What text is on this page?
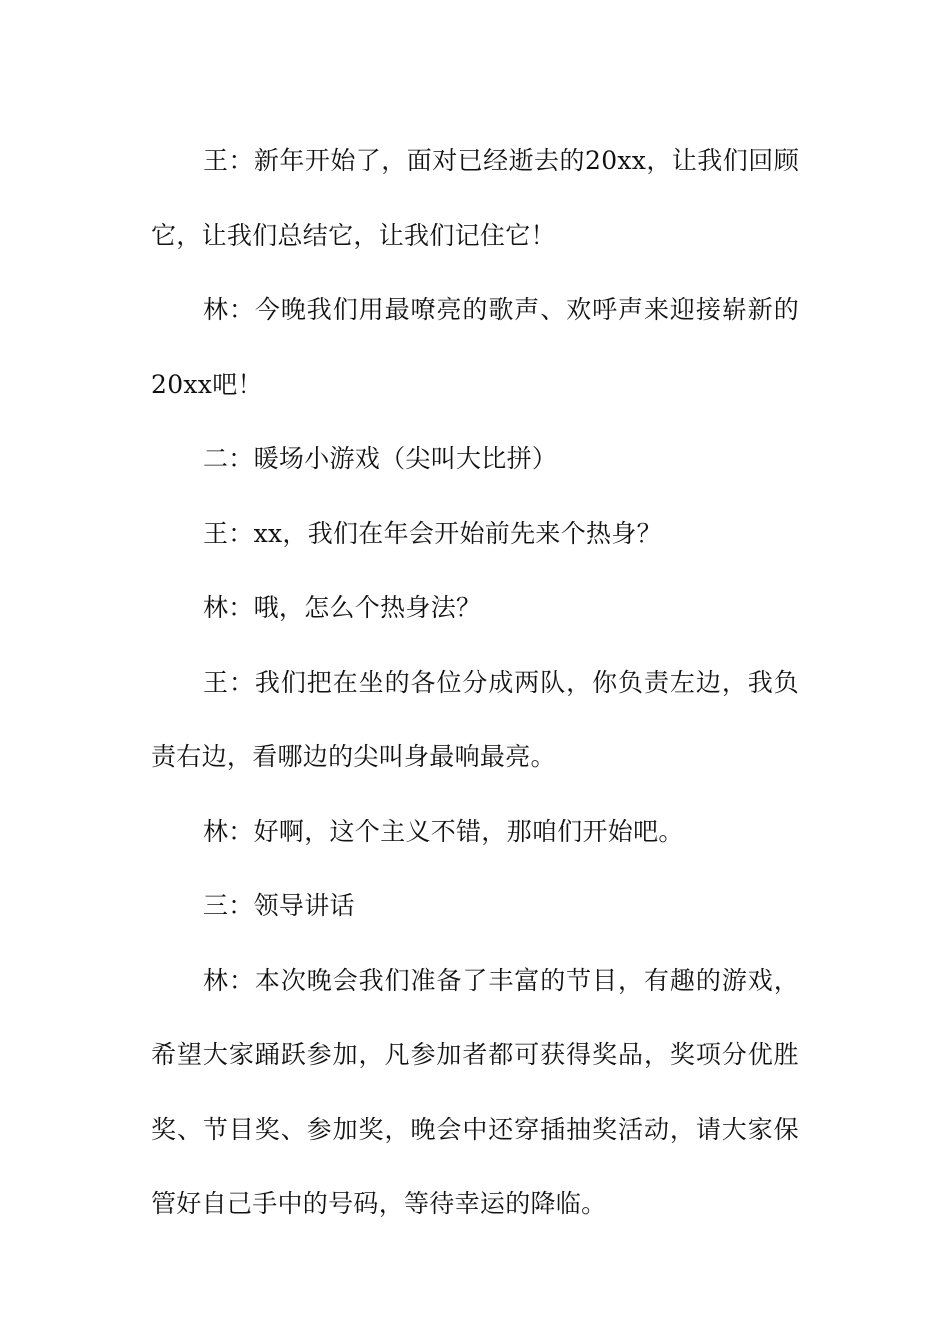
王：新年开始了，面对已经逝去的20xx，让我们回顾它，让我们总结它，让我们记住它！

林：今晚我们用最嘹亮的歌声、欢呼声来迎接崭新的20xx吧！

二：暖场小游戏（尖叫大比拼）

王：xx，我们在年会开始前先来个热身？

林：哦，怎么个热身法？

王：我们把在坐的各位分成两队，你负责左边，我负责右边，看哪边的尖叫身最响最亮。

林：好啊，这个主义不错，那咱们开始吧。

三：领导讲话

林：本次晚会我们准备了丰富的节目，有趣的游戏，希望大家踊跃参加，凡参加者都可获得奖品，奖项分优胜奖、节目奖、参加奖，晚会中还穿插抽奖活动，请大家保管好自己手中的号码，等待幸运的降临。
